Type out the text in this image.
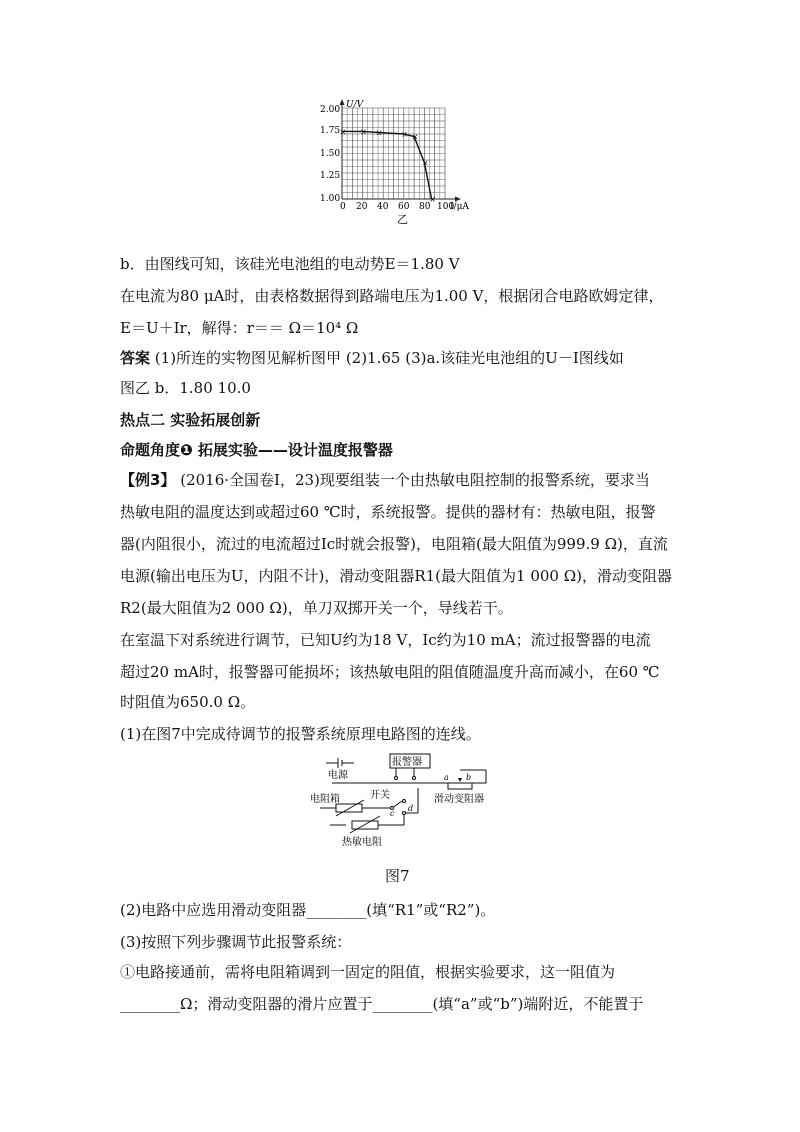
U/V
I/μA
2.00
1.75
1.50
1.25
1.00
0 20 40 60 80 100
× × × × ×
×
×
乙
b．由图线可知，该硅光电池组的电动势E＝1.80 V
在电流为80 μA时，由表格数据得到路端电压为1.00 V，根据闭合电路欧姆定律，
E＝U＋Ir，解得：r＝＝ Ω＝10⁴ Ω
答案 (1)所连的实物图见解析图甲 (2)1.65 (3)a.该硅光电池组的U－I图线如
图乙 b．1.80 10.0
热点二 实验拓展创新
命题角度❶ 拓展实验——设计温度报警器
【例3】 (2016·全国卷Ⅰ，23)现要组装一个由热敏电阻控制的报警系统，要求当
热敏电阻的温度达到或超过60 ℃时，系统报警。提供的器材有：热敏电阻，报警
器(内阻很小，流过的电流超过Ic时就会报警)，电阻箱(最大阻值为999.9 Ω)，直流
电源(输出电压为U，内阻不计)，滑动变阻器R1(最大阻值为1 000 Ω)，滑动变阻器
R2(最大阻值为2 000 Ω)，单刀双掷开关一个，导线若干。
在室温下对系统进行调节，已知U约为18 V，Ic约为10 mA；流过报警器的电流
超过20 mA时，报警器可能损坏；该热敏电阻的阻值随温度升高而减小，在60 ℃
时阻值为650.0 Ω。
(1)在图7中完成待调节的报警系统原理电路图的连线。
电源
报警器
电阻箱	开关	滑动变阻器
热敏电阻
a b
c
d
图7
(2)电路中应选用滑动变阻器________(填“R1”或“R2”)。
(3)按照下列步骤调节此报警系统：
①电路接通前，需将电阻箱调到一固定的阻值，根据实验要求，这一阻值为
________Ω；滑动变阻器的滑片应置于________(填“a”或“b”)端附近，不能置于
